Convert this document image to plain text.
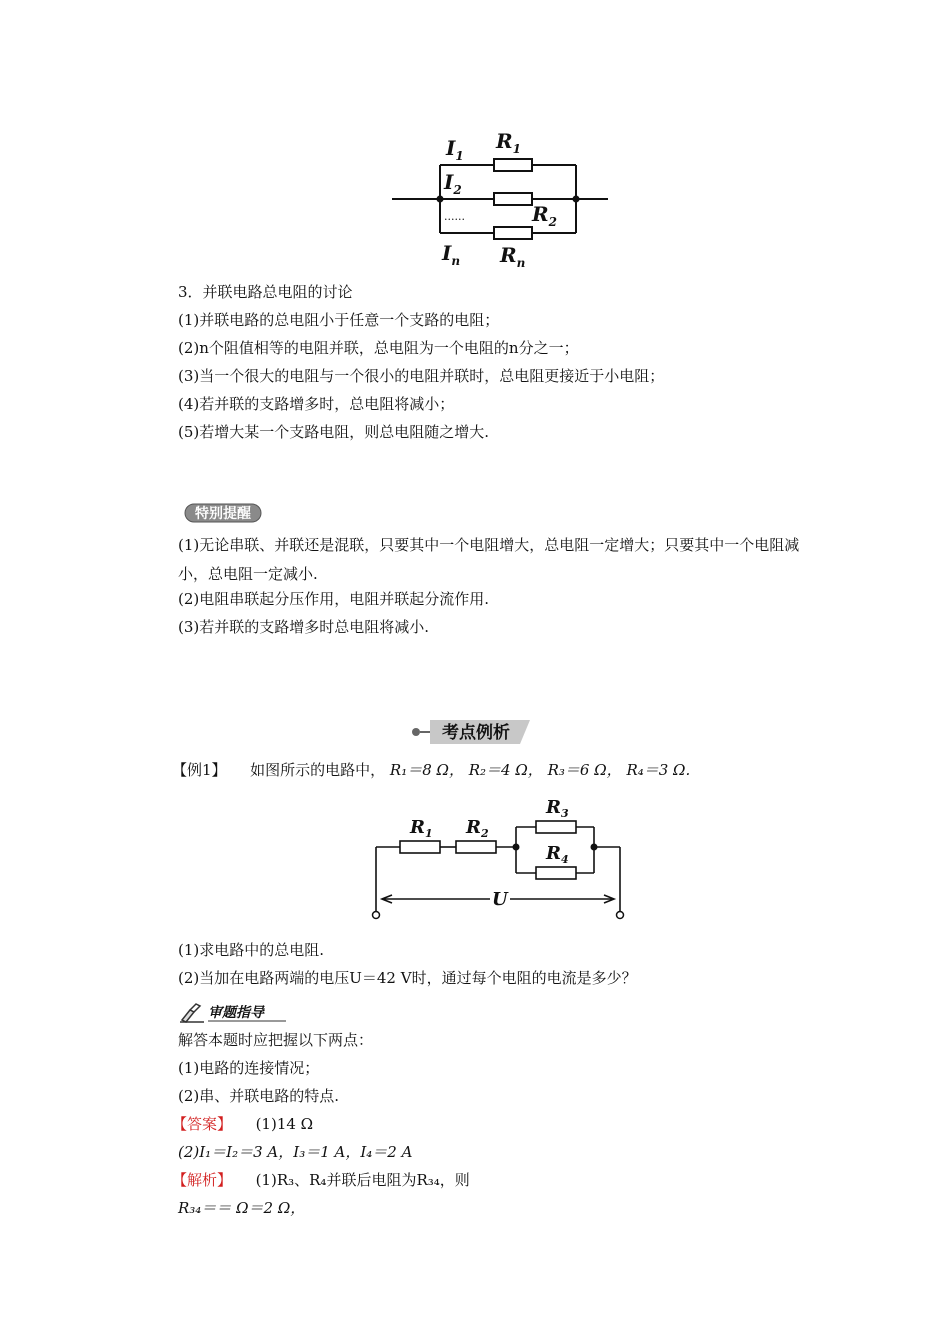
$I_1$
$R_1$
$I_2$
$R_2$
$I_n$ $R_n$
......
3．并联电路总电阻的讨论
(1)并联电路的总电阻小于任意一个支路的电阻；
(2)n个阻值相等的电阻并联，总电阻为一个电阻的n分之一；
(3)当一个很大的电阻与一个很小的电阻并联时，总电阻更接近于小电阻；
(4)若并联的支路增多时，总电阻将减小；
(5)若增大某一个支路电阻，则总电阻随之增大.
特别提醒
(1)无论串联、并联还是混联，只要其中一个电阻增大，总电阻一定增大；只要其中一个电阻减小，总电阻一定减小.
(2)电阻串联起分压作用，电阻并联起分流作用.
(3)若并联的支路增多时总电阻将减小.
考点例析
【例1】 如图所示的电路中， R₁＝8 Ω， R₂＝4 Ω， R₃＝6 Ω， R₄＝3 Ω.
$R_1$ $R_2$
$R_3$
$R_4$
U
(1)求电路中的总电阻.
(2)当加在电路两端的电压U＝42 V时，通过每个电阻的电流是多少？
审题指导
解答本题时应把握以下两点：
(1)电路的连接情况；
(2)串、并联电路的特点.
【答案】 (1)14 Ω
(2)I₁＝I₂＝3 A，I₃＝1 A，I₄＝2 A
【解析】 (1)R₃、R₄并联后电阻为R₃₄，则
R₃₄＝＝ Ω＝2 Ω，
